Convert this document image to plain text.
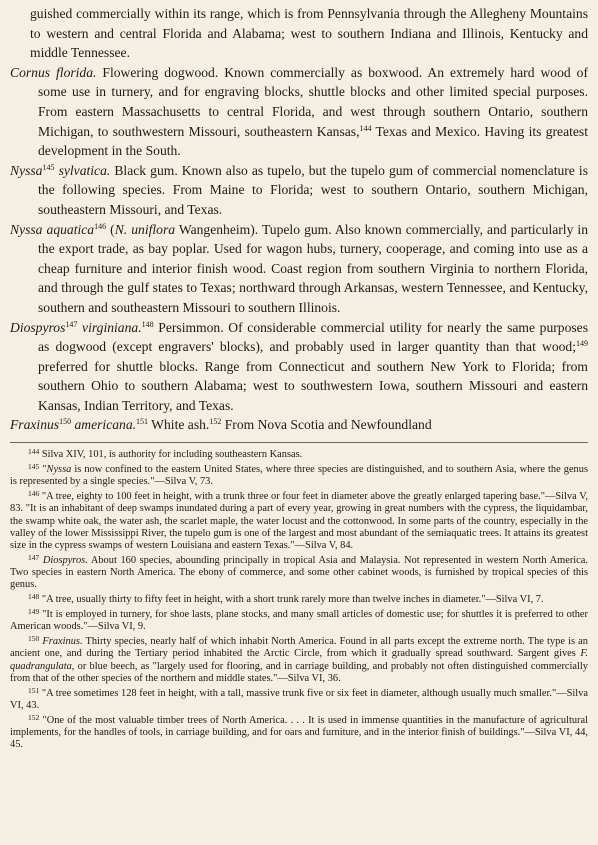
guished commercially within its range, which is from Pennsylvania through the Allegheny Mountains to western and central Florida and Alabama; west to southern Indiana and Illinois, Kentucky and middle Tennessee.

Cornus florida. Flowering dogwood. Known commercially as boxwood. An extremely hard wood of some use in turnery, and for engraving blocks, shuttle blocks and other limited special purposes. From eastern Massachusetts to central Florida, and west through southern Ontario, southern Michigan, to southwestern Missouri, southeastern Kansas,$^{144}$ Texas and Mexico. Having its greatest development in the South.

Nyssa$^{145}$ sylvatica. Black gum. Known also as tupelo, but the tupelo gum of commercial nomenclature is the following species. From Maine to Florida; west to southern Ontario, southern Michigan, southeastern Missouri, and Texas.

Nyssa aquatica$^{146}$ (N. uniflora Wangenheim). Tupelo gum. Also known commercially, and particularly in the export trade, as bay poplar. Used for wagon hubs, turnery, cooperage, and coming into use as a cheap furniture and interior finish wood. Coast region from southern Virginia to northern Florida, and through the gulf states to Texas; northward through Arkansas, western Tennessee, and Kentucky, southern and southeastern Missouri to southern Illinois.

Diospyros$^{147}$ virginiana.$^{148}$ Persimmon. Of considerable commercial utility for nearly the same purposes as dogwood (except engravers' blocks), and probably used in larger quantity than that wood;$^{149}$ preferred for shuttle blocks. Range from Connecticut and southern New York to Florida; from southern Ohio to southern Alabama; west to southwestern Iowa, southern Missouri and eastern Kansas, Indian Territory, and Texas.

Fraxinus$^{150}$ americana.$^{151}$ White ash.$^{152}$ From Nova Scotia and Newfoundland

$^{144}$ Silva XIV, 101, is authority for including southeastern Kansas.

$^{145}$ "Nyssa is now confined to the eastern United States, where three species are distinguished, and to southern Asia, where the genus is represented by a single species."—Silva V, 73.

$^{146}$ "A tree, eighty to 100 feet in height, with a trunk three or four feet in diameter above the greatly enlarged tapering base."—Silva V, 83. "It is an inhabitant of deep swamps inundated during a part of every year, growing in great numbers with the cypress, the liquidambar, the swamp white oak, the water ash, the scarlet maple, the water locust and the cottonwood. In some parts of the country, especially in the valley of the lower Mississippi River, the tupelo gum is one of the largest and most abundant of the semiaquatic trees. It attains its greatest size in the cypress swamps of western Louisiana and eastern Texas."—Silva V, 84.

$^{147}$ Diospyros. About 160 species, abounding principally in tropical Asia and Malaysia. Not represented in western North America. Two species in eastern North America. The ebony of commerce, and some other cabinet woods, is furnished by tropical species of this genus.

$^{148}$ "A tree, usually thirty to fifty feet in height, with a short trunk rarely more than twelve inches in diameter."—Silva VI, 7.

$^{149}$ "It is employed in turnery, for shoe lasts, plane stocks, and many small articles of domestic use; for shuttles it is preferred to other American woods."—Silva VI, 9.

$^{150}$ Fraxinus. Thirty species, nearly half of which inhabit North America. Found in all parts except the extreme north. The type is an ancient one, and during the Tertiary period inhabited the Arctic Circle, from which it gradually spread southward. Sargent gives F. quadrangulata, or blue beech, as "largely used for flooring, and in carriage building, and probably not often distinguished commercially from that of the other species of the northern and middle states."—Silva VI, 36.

$^{151}$ "A tree sometimes 128 feet in height, with a tall, massive trunk five or six feet in diameter, although usually much smaller."—Silva VI, 43.

$^{152}$ "One of the most valuable timber trees of North America. . . . It is used in immense quantities in the manufacture of agricultural implements, for the handles of tools, in carriage building, and for oars and furniture, and in the interior finish of buildings."—Silva VI, 44, 45.
